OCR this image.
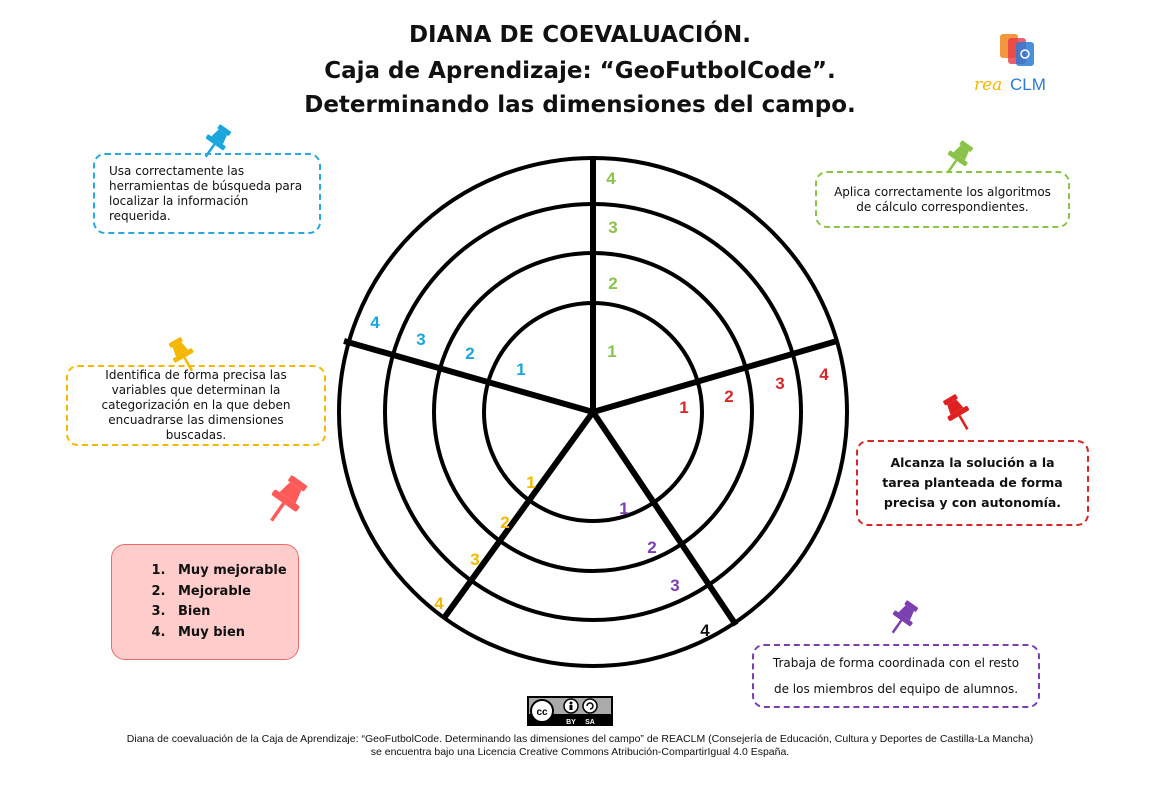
DIANA DE COEVALUACIÓN.
Caja de Aprendizaje: “GeoFutbolCode”.
Determinando las dimensiones del campo.
rea CLM
1
2
3
4
1
2
3 4
1
2
3
4
1
2
3
4
1
2
3
4
Usa correctamente las herramientas de búsqueda para localizar la información requerida.
Aplica correctamente los algoritmos de cálculo correspondientes.
Identifica de forma precisa las variables que determinan la categorización en la que deben encuadrarse las dimensiones buscadas.
Alcanza la solución a la tarea planteada de forma precisa y con autonomía.
Trabaja de forma coordinada con el resto de los miembros del equipo de alumnos.
1. Muy mejorable
2. Mejorable
3. Bien
4. Muy bien
cc
BY SA
Diana de coevaluación de la Caja de Aprendizaje: “GeoFutbolCode. Determinando las dimensiones del campo” de REACLM (Consejería de Educación, Cultura y Deportes de Castilla-La Mancha)
se encuentra bajo una Licencia Creative Commons Atribución-CompartirIgual 4.0 España.
